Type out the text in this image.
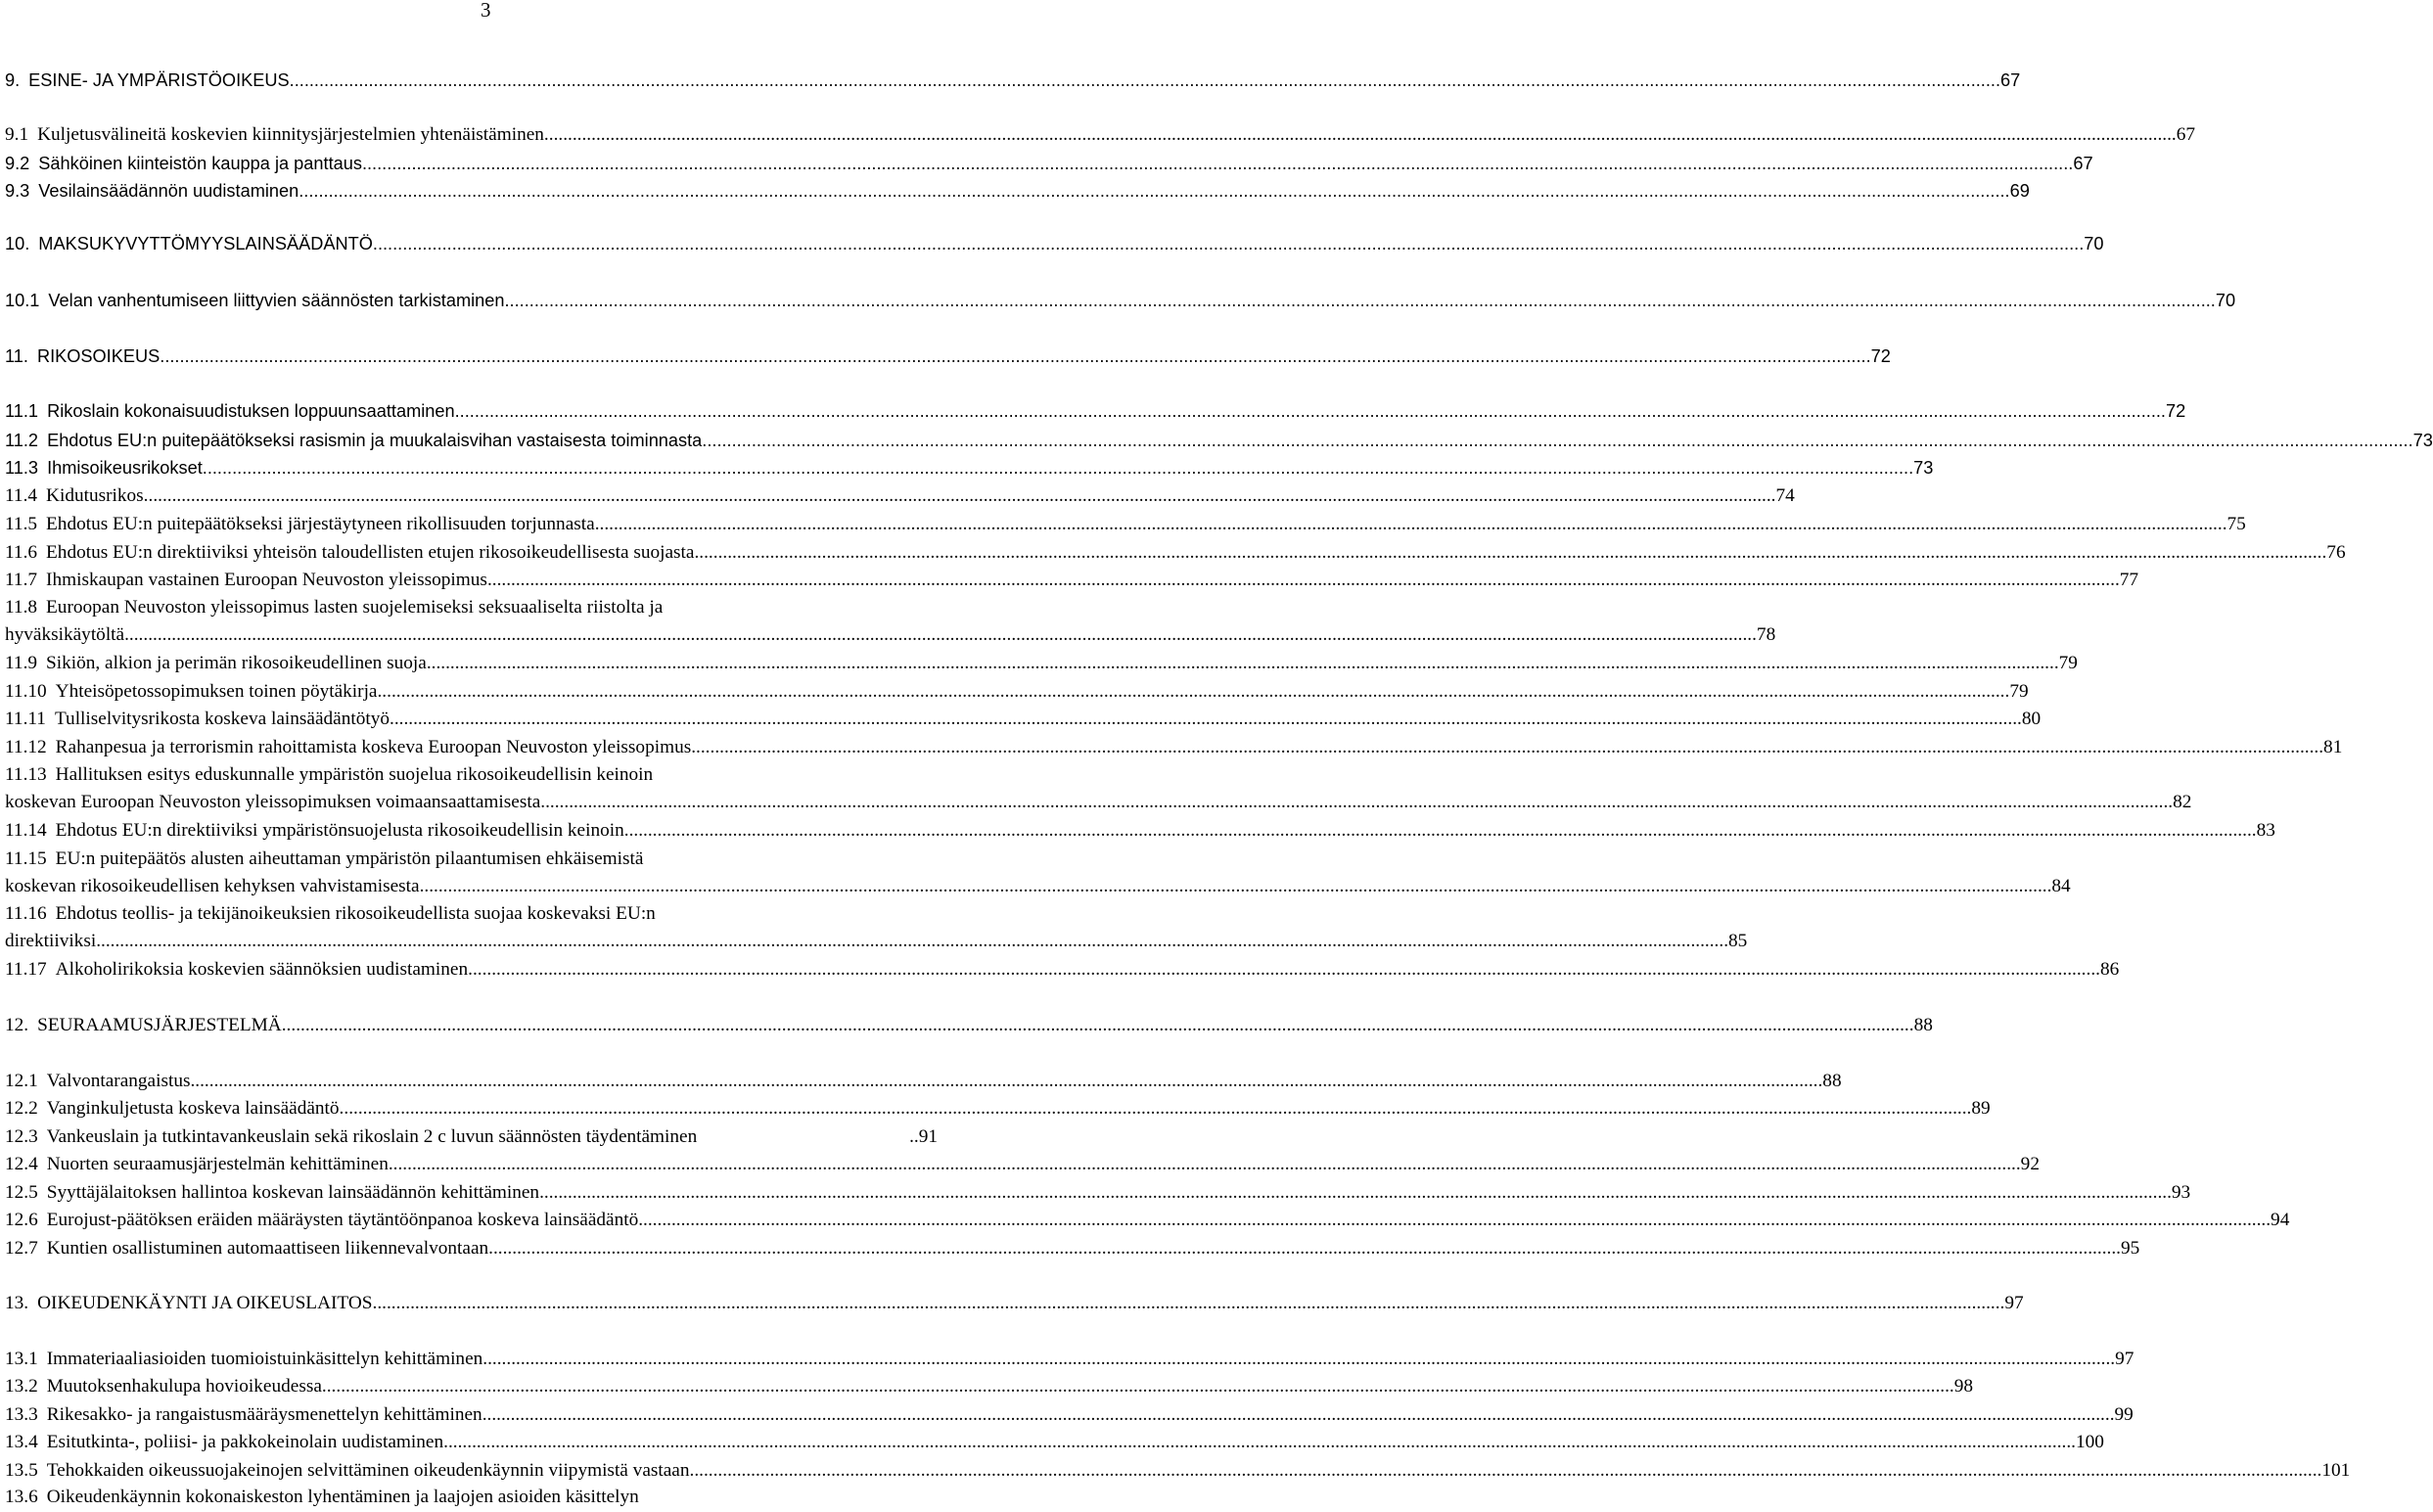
3
9. ESINE- JA YMPÄRISTÖOIKEUS .....	67
9.1 Kuljetusvälineitä koskevien kiinnitysjärjestelmien yhtenäistäminen .....	67
9.2 Sähköinen kiinteistön kauppa ja panttaus .....	67
9.3 Vesilainsäädännön uudistaminen .....	69
10. MAKSUKYVYTTÖMYYSLAINSÄÄDÄNTÖ .....	70
10.1 Velan vanhentumiseen liittyvien säännösten tarkistaminen .....	70
11. RIKOSOIKEUS .....	72
11.1 Rikoslain kokonaisuudistuksen loppuunsaattaminen .....	72
11.2 Ehdotus EU:n puitepäätökseksi rasismin ja muukalaisvihan vastaisesta toiminnasta .....	73
11.3 Ihmisoikeusrikokset .....	73
11.4 Kidutusrikos .....	74
11.5 Ehdotus EU:n puitepäätökseksi järjestäytyneen rikollisuuden torjunnasta .....	75
11.6 Ehdotus EU:n direktiiviksi yhteisön taloudellisten etujen rikosoikeudellisesta suojasta .....	76
11.7 Ihmiskaupan vastainen Euroopan Neuvoston yleissopimus .....	77
11.8 Euroopan Neuvoston yleissopimus lasten suojelemiseksi seksuaaliselta riistolta ja
hyväksikäytöltä .....	78
11.9 Sikiön, alkion ja perimän rikosoikeudellinen suoja .....	79
11.10 Yhteisöpetossopimuksen toinen pöytäkirja .....	79
11.11 Tulliselvitysrikosta koskeva lainsäädäntötyö .....	80
11.12 Rahanpesua ja terrorismin rahoittamista koskeva Euroopan Neuvoston yleissopimus .....	81
11.13 Hallituksen esitys eduskunnalle ympäristön suojelua rikosoikeudellisin keinoin
koskevan Euroopan Neuvoston yleissopimuksen voimaansaattamisesta .....	82
11.14 Ehdotus EU:n direktiiviksi ympäristönsuojelusta rikosoikeudellisin keinoin .....	83
11.15 EU:n puitepäätös alusten aiheuttaman ympäristön pilaantumisen ehkäisemistä
koskevan rikosoikeudellisen kehyksen vahvistamisesta .....	84
11.16 Ehdotus teollis- ja tekijänoikeuksien rikosoikeudellista suojaa koskevaksi EU:n
direktiiviksi .....	85
11.17 Alkoholirikoksia koskevien säännöksien uudistaminen .....	86
12. SEURAAMUSJÄRJESTELMÄ .....	88
12.1 Valvontarangaistus .....	88
12.2 Vanginkuljetusta koskeva lainsäädäntö .....	89
12.3 Vankeuslain ja tutkintavankeuslain sekä rikoslain 2 c luvun säännösten täydentäminen	..91
12.4 Nuorten seuraamusjärjestelmän kehittäminen .....	92
12.5 Syyttäjälaitoksen hallintoa koskevan lainsäädännön kehittäminen .....	93
12.6 Eurojust-päätöksen eräiden määräysten täytäntöönpanoa koskeva lainsäädäntö .....	94
12.7 Kuntien osallistuminen automaattiseen liikennevalvontaan .....	95
13. OIKEUDENKÄYNTI JA OIKEUSLAITOS .....	97
13.1 Immateriaaliasioiden tuomioistuinkäsittelyn kehittäminen .....	97
13.2 Muutoksenhakulupa hovioikeudessa .....	98
13.3 Rikesakko- ja rangaistusmääräysmenettelyn kehittäminen .....	99
13.4 Esitutkinta-, poliisi- ja pakkokeinolain uudistaminen .....	100
13.5 Tehokkaiden oikeussuojakeinojen selvittäminen oikeudenkäynnin viipymistä vastaan .....	101
13.6 Oikeudenkäynnin kokonaiskeston lyhentäminen ja laajojen asioiden käsittelyn
